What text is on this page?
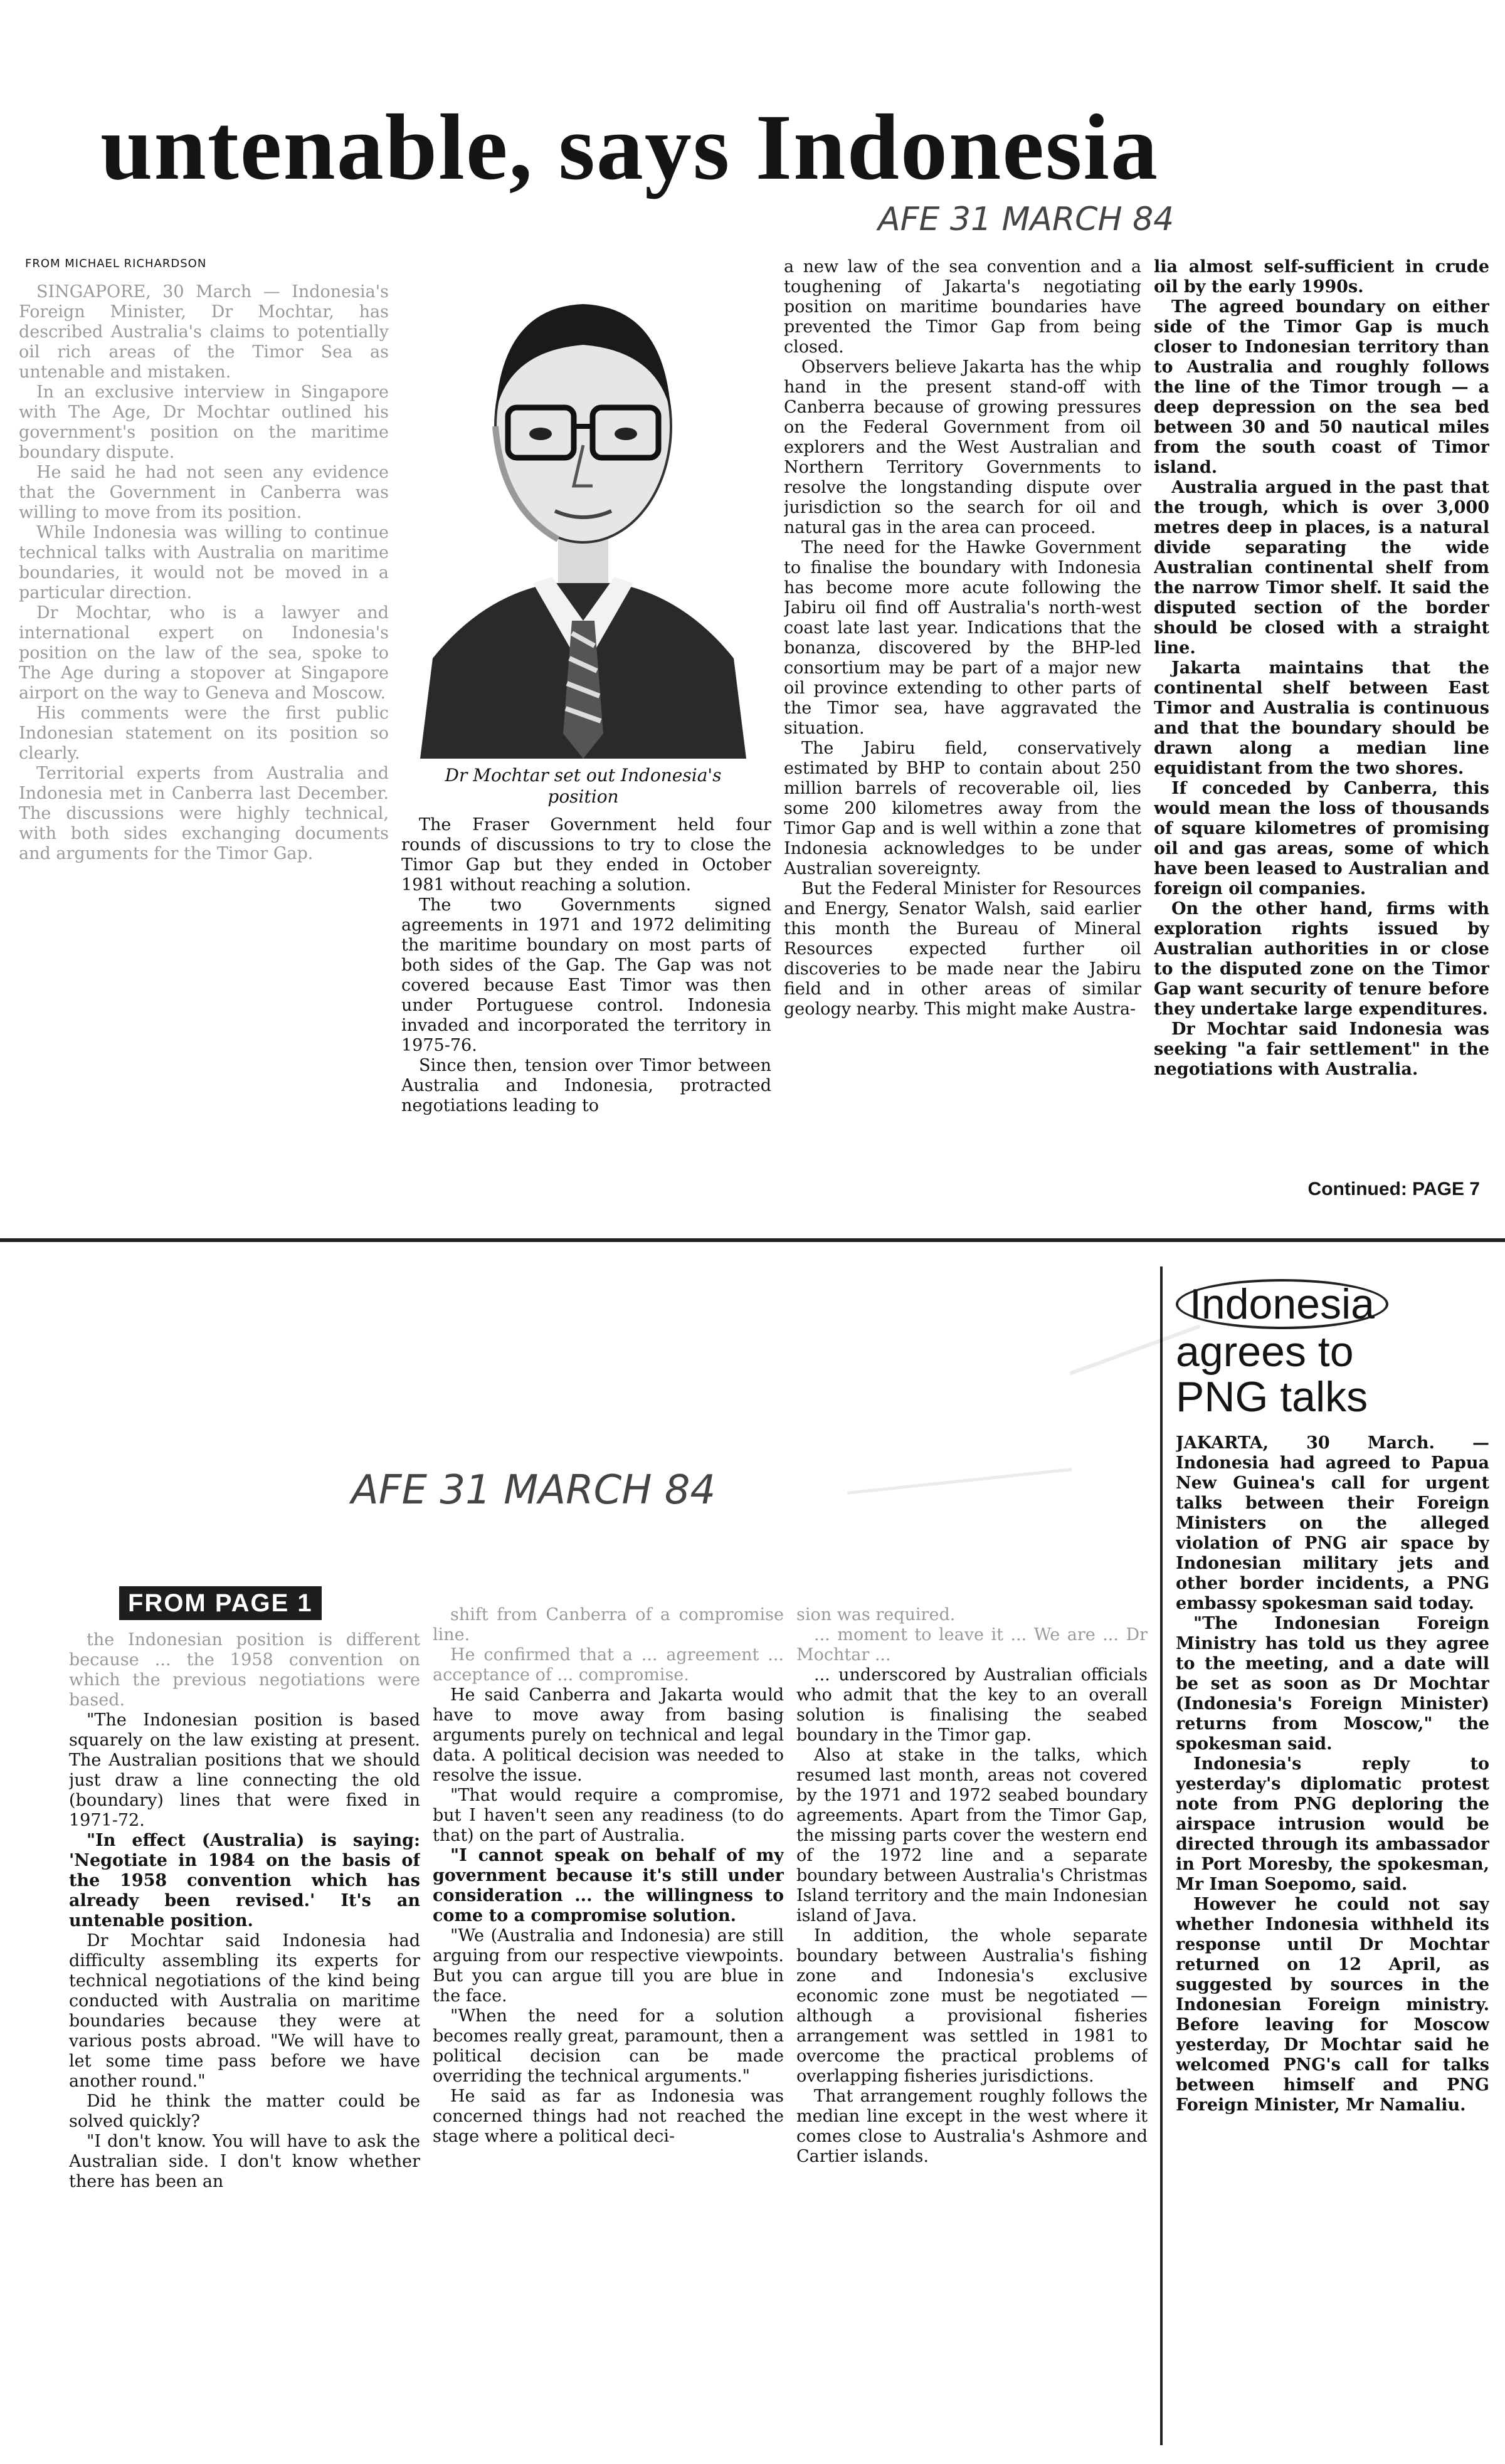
untenable, says Indonesia
AFE 31 MARCH 84
FROM MICHAEL RICHARDSON

SINGAPORE, 30 March — Indonesia's Foreign Minister, Dr Mochtar, has described Australia's claims to potentially oil rich areas of the Timor Sea as untenable and mistaken.

In an exclusive interview in Singapore with The Age, Dr Mochtar outlined his government's position on the maritime boundary dispute.

He said he had not seen any evidence that the Government in Canberra was willing to move from its position.

While Indonesia was willing to continue technical talks with Australia on maritime boundaries, it would not be moved in a particular direction.

Dr Mochtar, who is a lawyer and international expert on Indonesia's position on the law of the sea, spoke to The Age during a stopover at Singapore airport on the way to Geneva and Moscow.

His comments were the first public Indonesian statement on its position so clearly.

Territorial experts from Australia and Indonesia met in Canberra last December. The discussions were highly technical, with both sides exchanging documents and arguments for the Timor Gap.

Dr Mochtar set out Indonesia's position

The Fraser Government held four rounds of discussions to try to close the Timor Gap but they ended in October 1981 without reaching a solution.

The two Governments signed agreements in 1971 and 1972 delimiting the maritime boundary on most parts of both sides of the Gap. The Gap was not covered because East Timor was then under Portuguese control. Indonesia invaded and incorporated the territory in 1975-76.

Since then, tension over Timor between Australia and Indonesia, protracted negotiations leading to

a new law of the sea convention and a toughening of Jakarta's negotiating position on maritime boundaries have prevented the Timor Gap from being closed.

Observers believe Jakarta has the whip hand in the present stand-off with Canberra because of growing pressures on the Federal Government from oil explorers and the West Australian and Northern Territory Governments to resolve the longstanding dispute over jurisdiction so the search for oil and natural gas in the area can proceed.

The need for the Hawke Government to finalise the boundary with Indonesia has become more acute following the Jabiru oil find off Australia's north-west coast late last year. Indications that the bonanza, discovered by the BHP-led consortium may be part of a major new oil province extending to other parts of the Timor sea, have aggravated the situation.

The Jabiru field, conservatively estimated by BHP to contain about 250 million barrels of recoverable oil, lies some 200 kilometres away from the Timor Gap and is well within a zone that Indonesia acknowledges to be under Australian sovereignty.

But the Federal Minister for Resources and Energy, Senator Walsh, said earlier this month the Bureau of Mineral Resources expected further oil discoveries to be made near the Jabiru field and in other areas of similar geology nearby. This might make Austra-

lia almost self-sufficient in crude oil by the early 1990s.

The agreed boundary on either side of the Timor Gap is much closer to Indonesian territory than to Australia and roughly follows the line of the Timor trough — a deep depression on the sea bed between 30 and 50 nautical miles from the south coast of Timor island.

Australia argued in the past that the trough, which is over 3,000 metres deep in places, is a natural divide separating the wide Australian continental shelf from the narrow Timor shelf. It said the disputed section of the border should be closed with a straight line.

Jakarta maintains that the continental shelf between East Timor and Australia is continuous and that the boundary should be drawn along a median line equidistant from the two shores.

If conceded by Canberra, this would mean the loss of thousands of square kilometres of promising oil and gas areas, some of which have been leased to Australian and foreign oil companies.

On the other hand, firms with exploration rights issued by Australian authorities in or close to the disputed zone on the Timor Gap want security of tenure before they undertake large expenditures.

Dr Mochtar said Indonesia was seeking "a fair settlement" in the negotiations with Australia.

Continued: PAGE 7
AFE 31 MARCH 84
FROM PAGE 1

the Indonesian position is different because ... the 1958 convention on which the previous negotiations were based.

"The Indonesian position is based squarely on the law existing at present. The Australian positions that we should just draw a line connecting the old (boundary) lines that were fixed in 1971-72.

"In effect (Australia) is saying: 'Negotiate in 1984 on the basis of the 1958 convention which has already been revised.' It's an untenable position.

Dr Mochtar said Indonesia had difficulty assembling its experts for technical negotiations of the kind being conducted with Australia on maritime boundaries because they were at various posts abroad. "We will have to let some time pass before we have another round."

Did he think the matter could be solved quickly?

"I don't know. You will have to ask the Australian side. I don't know whether there has been an

shift from Canberra of a compromise line.

He confirmed that a ... agreement ... acceptance of ... compromise.

He said Canberra and Jakarta would have to move away from basing arguments purely on technical and legal data. A political decision was needed to resolve the issue.

"That would require a compromise, but I haven't seen any readiness (to do that) on the part of Australia.

"I cannot speak on behalf of my government because it's still under consideration ... the willingness to come to a compromise solution.

"We (Australia and Indonesia) are still arguing from our respective viewpoints. But you can argue till you are blue in the face.

"When the need for a solution becomes really great, paramount, then a political decision can be made overriding the technical arguments."

He said as far as Indonesia was concerned things had not reached the stage where a political deci-

sion was required.

... moment to leave it ... We are ... Dr Mochtar ...

... underscored by Australian officials who admit that the key to an overall solution is finalising the seabed boundary in the Timor gap.

Also at stake in the talks, which resumed last month, areas not covered by the 1971 and 1972 seabed boundary agreements. Apart from the Timor Gap, the missing parts cover the western end of the 1972 line and a separate boundary between Australia's Christmas Island territory and the main Indonesian island of Java.

In addition, the whole separate boundary between Australia's fishing zone and Indonesia's exclusive economic zone must be negotiated — although a provisional fisheries arrangement was settled in 1981 to overcome the practical problems of overlapping fisheries jurisdictions.

That arrangement roughly follows the median line except in the west where it comes close to Australia's Ashmore and Cartier islands.

Indonesia
agrees to
PNG talks

JAKARTA, 30 March. — Indonesia had agreed to Papua New Guinea's call for urgent talks between their Foreign Ministers on the alleged violation of PNG air space by Indonesian military jets and other border incidents, a PNG embassy spokesman said today.

"The Indonesian Foreign Ministry has told us they agree to the meeting, and a date will be set as soon as Dr Mochtar (Indonesia's Foreign Minister) returns from Moscow," the spokesman said.

Indonesia's reply to yesterday's diplomatic protest note from PNG deploring the airspace intrusion would be directed through its ambassador in Port Moresby, the spokesman, Mr Iman Soepomo, said.

However he could not say whether Indonesia withheld its response until Dr Mochtar returned on 12 April, as suggested by sources in the Indonesian Foreign ministry. Before leaving for Moscow yesterday, Dr Mochtar said he welcomed PNG's call for talks between himself and PNG Foreign Minister, Mr Namaliu.
